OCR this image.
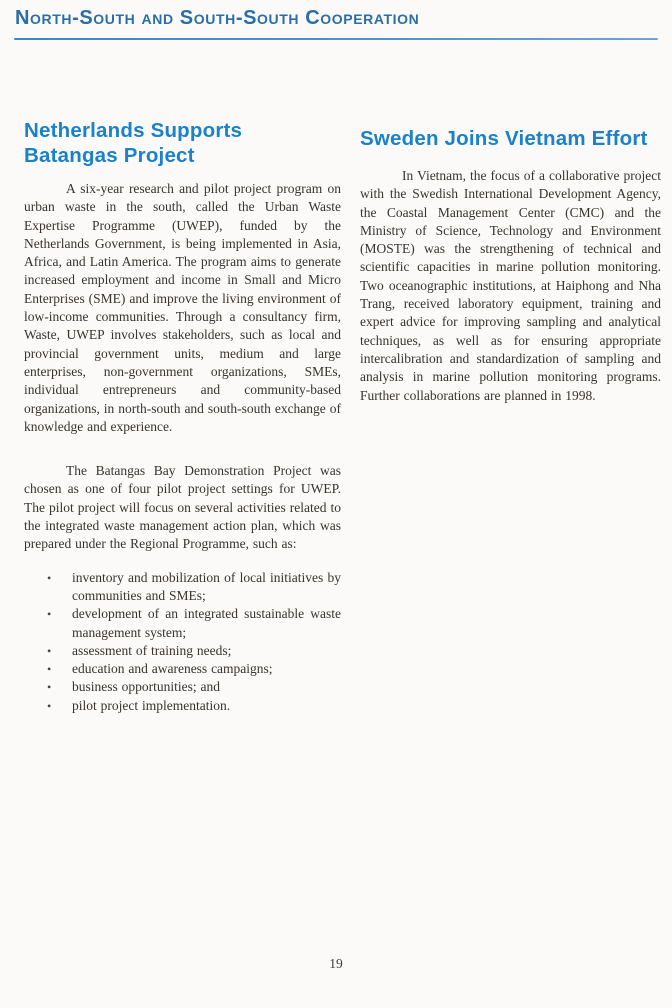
North-South and South-South Cooperation
Netherlands Supports
Batangas Project

A six-year research and pilot project program on urban waste in the south, called the Urban Waste Expertise Programme (UWEP), funded by the Netherlands Government, is being implemented in Asia, Africa, and Latin America. The program aims to generate increased employment and income in Small and Micro Enterprises (SME) and improve the living environment of low-income communities. Through a consultancy firm, Waste, UWEP involves stakeholders, such as local and provincial government units, medium and large enterprises, non-government organizations, SMEs, individual entrepreneurs and community-based organizations, in north-south and south-south exchange of knowledge and experience.

The Batangas Bay Demonstration Project was chosen as one of four pilot project settings for UWEP. The pilot project will focus on several activities related to the integrated waste management action plan, which was prepared under the Regional Programme, such as:

• inventory and mobilization of local initiatives by communities and SMEs;
• development of an integrated sustainable waste management system;
• assessment of training needs;
• education and awareness campaigns;
• business opportunities; and
• pilot project implementation.
Sweden Joins Vietnam Effort

In Vietnam, the focus of a collaborative project with the Swedish International Development Agency, the Coastal Management Center (CMC) and the Ministry of Science, Technology and Environment (MOSTE) was the strengthening of technical and scientific capacities in marine pollution monitoring. Two oceanographic institutions, at Haiphong and Nha Trang, received laboratory equipment, training and expert advice for improving sampling and analytical techniques, as well as for ensuring appropriate intercalibration and standardization of sampling and analysis in marine pollution monitoring programs. Further collaborations are planned in 1998.

19
